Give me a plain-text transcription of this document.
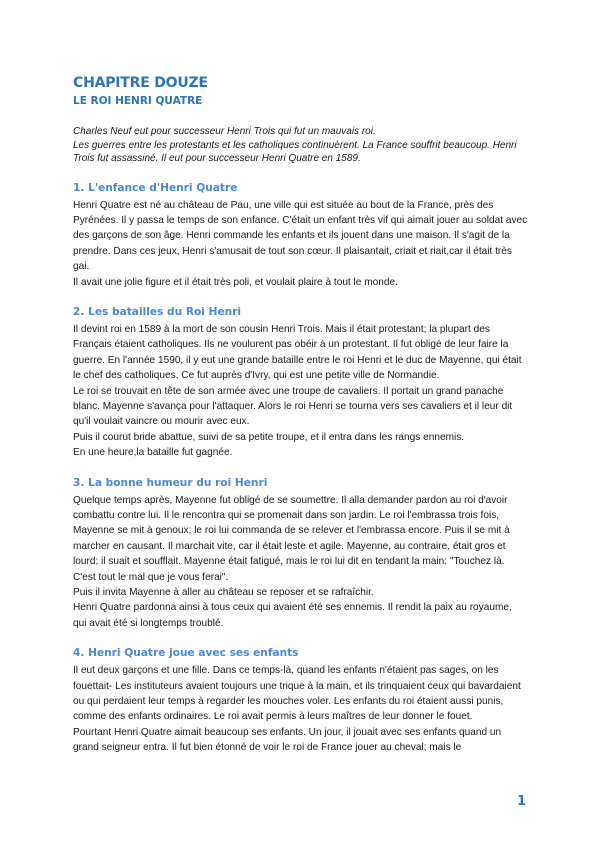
CHAPITRE DOUZE
LE ROI HENRI QUATRE

Charles Neuf eut pour successeur Henri Trois qui fut un mauvais roi.

Les guerres entre les protestants et les catholiques continuèrent. La France souffrit beaucoup. Henri Trois fut assassiné. Il eut pour successeur Henri Quatre en 1589.

1. L'enfance d'Henri Quatre

Henri Quatre est né au château de Pau, une ville qui est située au bout de la France, près des Pyrénées. Il y passa le temps de son enfance. C'était un enfant très vif qui aimait jouer au soldat avec des garçons de son âge. Henri commande les enfants et ils jouent dans une maison. Il s'agit de la prendre. Dans ces jeux, Henri s'amusait de tout son cœur. Il plaisantait, criait et riait,car il était très gai.

Il avait une jolie figure et il était très poli, et voulait plaire à tout le monde.

2. Les batailles du Roi Henri

Il devint roi en 1589 à la mort de son cousin Henri Trois. Mais il était protestant; la plupart des Français étaient catholiques. Ils ne voulurent pas obéir à un protestant. Il fut obligé de leur faire la guerre. En l'année 1590, il y eut une grande bataille entre le roi Henri et le duc de Mayenne, qui était le chef des catholiques, Ce fut auprès d'Ivry, qui est une petite ville de Normandie.

Le roi se trouvait en tête de son armée avec une troupe de cavaliers. Il portait un grand panache blanc. Mayenne s'avança pour l'attaquer. Alors le roi Henri se tourna vers ses cavaliers et il leur dit qu'il voulait vaincre ou mourir avec eux.

Puis il courut bride abattue, suivi de sa petite troupe, et il entra dans les rangs ennemis.

En une heure,la bataille fut gagnée.

3. La bonne humeur du roi Henri

Quelque temps après, Mayenne fut obligé de se soumettre. Il alla demander pardon au roi d'avoir combattu contre lui. Il le rencontra qui se promenait dans son jardin. Le roi l'embrassa trois fois, Mayenne se mit à genoux; le roi lui commanda de se relever et l'embrassa encore. Puis il se mit à marcher en causant. Il marchait vite, car il était leste et agile. Mayenne, au contraire, était gros et lourd; il suait et soufflait. Mayenne était fatigué, mais le roi lui dit en tendant la main: "Touchez là. C'est tout le mal que je vous ferai".

Puis il invita Mayenne à aller au château se reposer et se rafraîchir.

Henri Quatre pardonna ainsi à tous ceux qui avaient été ses ennemis. Il rendit la paix au royaume, qui avait été si longtemps troublé.

4. Henri Quatre joue avec ses enfants

Il eut deux garçons et une fille. Dans ce temps-là, quand les enfants n'étaient pas sages, on les fouettait- Les instituteurs avaient toujours une trique à la main, et ils trinquaient ceux qui bavardaient ou qui perdaient leur temps à regarder les mouches voler. Les enfants du roi étaient aussi punis, comme des enfants ordinaires. Le roi avait permis à leurs maîtres de leur donner le fouet.

Pourtant Henri Quatre aimait beaucoup ses enfants. Un jour, il jouait avec ses enfants quand un grand seigneur entra. Il fut bien étonné de voir le roi de France jouer au cheval; mais le

1
